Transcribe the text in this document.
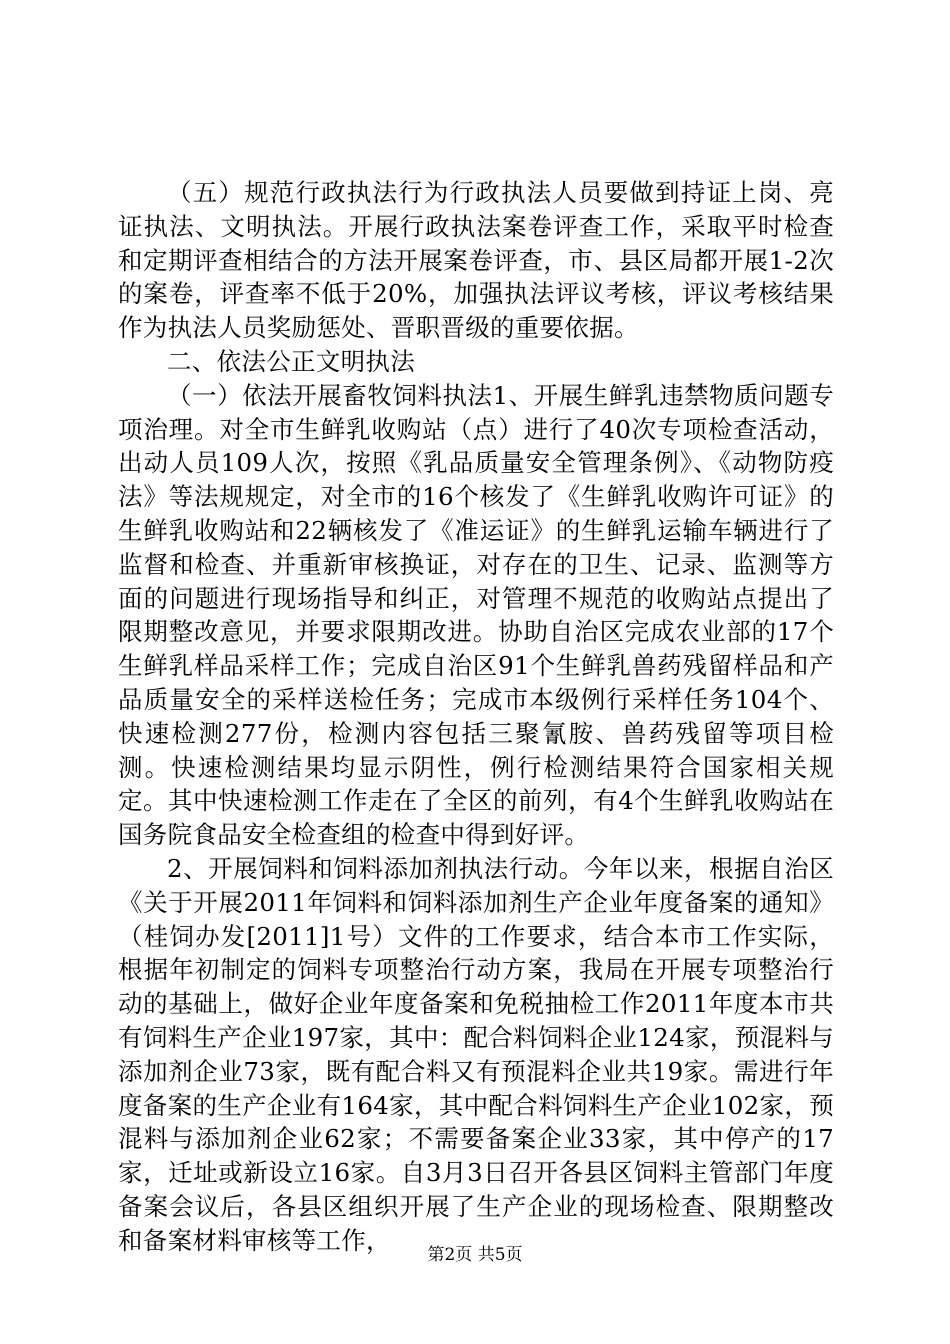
（五）规范行政执法行为行政执法人员要做到持证上岗、亮证执法、文明执法。开展行政执法案卷评查工作，采取平时检查和定期评查相结合的方法开展案卷评查，市、县区局都开展1-2次的案卷，评查率不低于20%，加强执法评议考核，评议考核结果作为执法人员奖励惩处、晋职晋级的重要依据。

二、依法公正文明执法

（一）依法开展畜牧饲料执法1、开展生鲜乳违禁物质问题专项治理。对全市生鲜乳收购站（点）进行了40次专项检查活动，出动人员109人次，按照《乳品质量安全管理条例》、《动物防疫法》等法规规定，对全市的16个核发了《生鲜乳收购许可证》的生鲜乳收购站和22辆核发了《准运证》的生鲜乳运输车辆进行了监督和检查、并重新审核换证，对存在的卫生、记录、监测等方面的问题进行现场指导和纠正，对管理不规范的收购站点提出了限期整改意见，并要求限期改进。协助自治区完成农业部的17个生鲜乳样品采样工作；完成自治区91个生鲜乳兽药残留样品和产品质量安全的采样送检任务；完成市本级例行采样任务104个、快速检测277份，检测内容包括三聚氰胺、兽药残留等项目检测。快速检测结果均显示阴性，例行检测结果符合国家相关规定。其中快速检测工作走在了全区的前列，有4个生鲜乳收购站在国务院食品安全检查组的检查中得到好评。

2、开展饲料和饲料添加剂执法行动。今年以来，根据自治区《关于开展2011年饲料和饲料添加剂生产企业年度备案的通知》（桂饲办发[2011]1号）文件的工作要求，结合本市工作实际，根据年初制定的饲料专项整治行动方案，我局在开展专项整治行动的基础上，做好企业年度备案和免税抽检工作2011年度本市共有饲料生产企业197家，其中：配合料饲料企业124家，预混料与添加剂企业73家，既有配合料又有预混料企业共19家。需进行年度备案的生产企业有164家，其中配合料饲料生产企业102家，预混料与添加剂企业62家；不需要备案企业33家，其中停产的17家，迁址或新设立16家。自3月3日召开各县区饲料主管部门年度备案会议后，各县区组织开展了生产企业的现场检查、限期整改和备案材料审核等工作，

第2页 共5页
